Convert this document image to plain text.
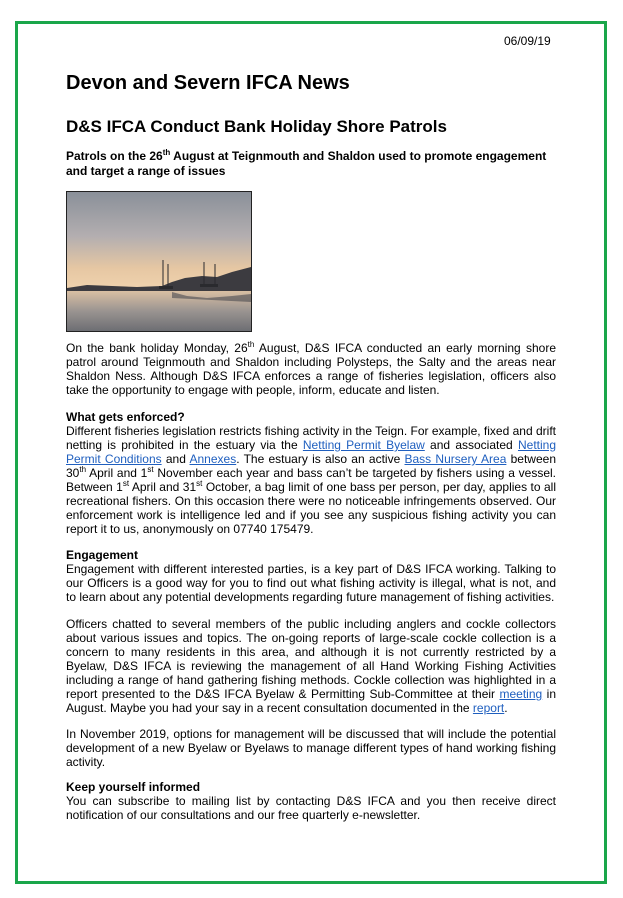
06/09/19
Devon and Severn IFCA News
D&S IFCA Conduct Bank Holiday Shore Patrols

Patrols on the 26th August at Teignmouth and Shaldon used to promote engagement and target a range of issues

On the bank holiday Monday, 26th August, D&S IFCA conducted an early morning shore patrol around Teignmouth and Shaldon including Polysteps, the Salty and the areas near Shaldon Ness. Although D&S IFCA enforces a range of fisheries legislation, officers also take the opportunity to engage with people, inform, educate and listen.

What gets enforced?

Different fisheries legislation restricts fishing activity in the Teign. For example, fixed and drift netting is prohibited in the estuary via the Netting Permit Byelaw and associated Netting Permit Conditions and Annexes. The estuary is also an active Bass Nursery Area between 30th April and 1st November each year and bass can’t be targeted by fishers using a vessel. Between 1st April and 31st October, a bag limit of one bass per person, per day, applies to all recreational fishers. On this occasion there were no noticeable infringements observed. Our enforcement work is intelligence led and if you see any suspicious fishing activity you can report it to us, anonymously on 07740 175479.

Engagement

Engagement with different interested parties, is a key part of D&S IFCA working. Talking to our Officers is a good way for you to find out what fishing activity is illegal, what is not, and to learn about any potential developments regarding future management of fishing activities.

Officers chatted to several members of the public including anglers and cockle collectors about various issues and topics. The on-going reports of large-scale cockle collection is a concern to many residents in this area, and although it is not currently restricted by a Byelaw, D&S IFCA is reviewing the management of all Hand Working Fishing Activities including a range of hand gathering fishing methods. Cockle collection was highlighted in a report presented to the D&S IFCA Byelaw & Permitting Sub-Committee at their meeting in August. Maybe you had your say in a recent consultation documented in the report.

In November 2019, options for management will be discussed that will include the potential development of a new Byelaw or Byelaws to manage different types of hand working fishing activity.

Keep yourself informed

You can subscribe to mailing list by contacting D&S IFCA and you then receive direct notification of our consultations and our free quarterly e-newsletter.
